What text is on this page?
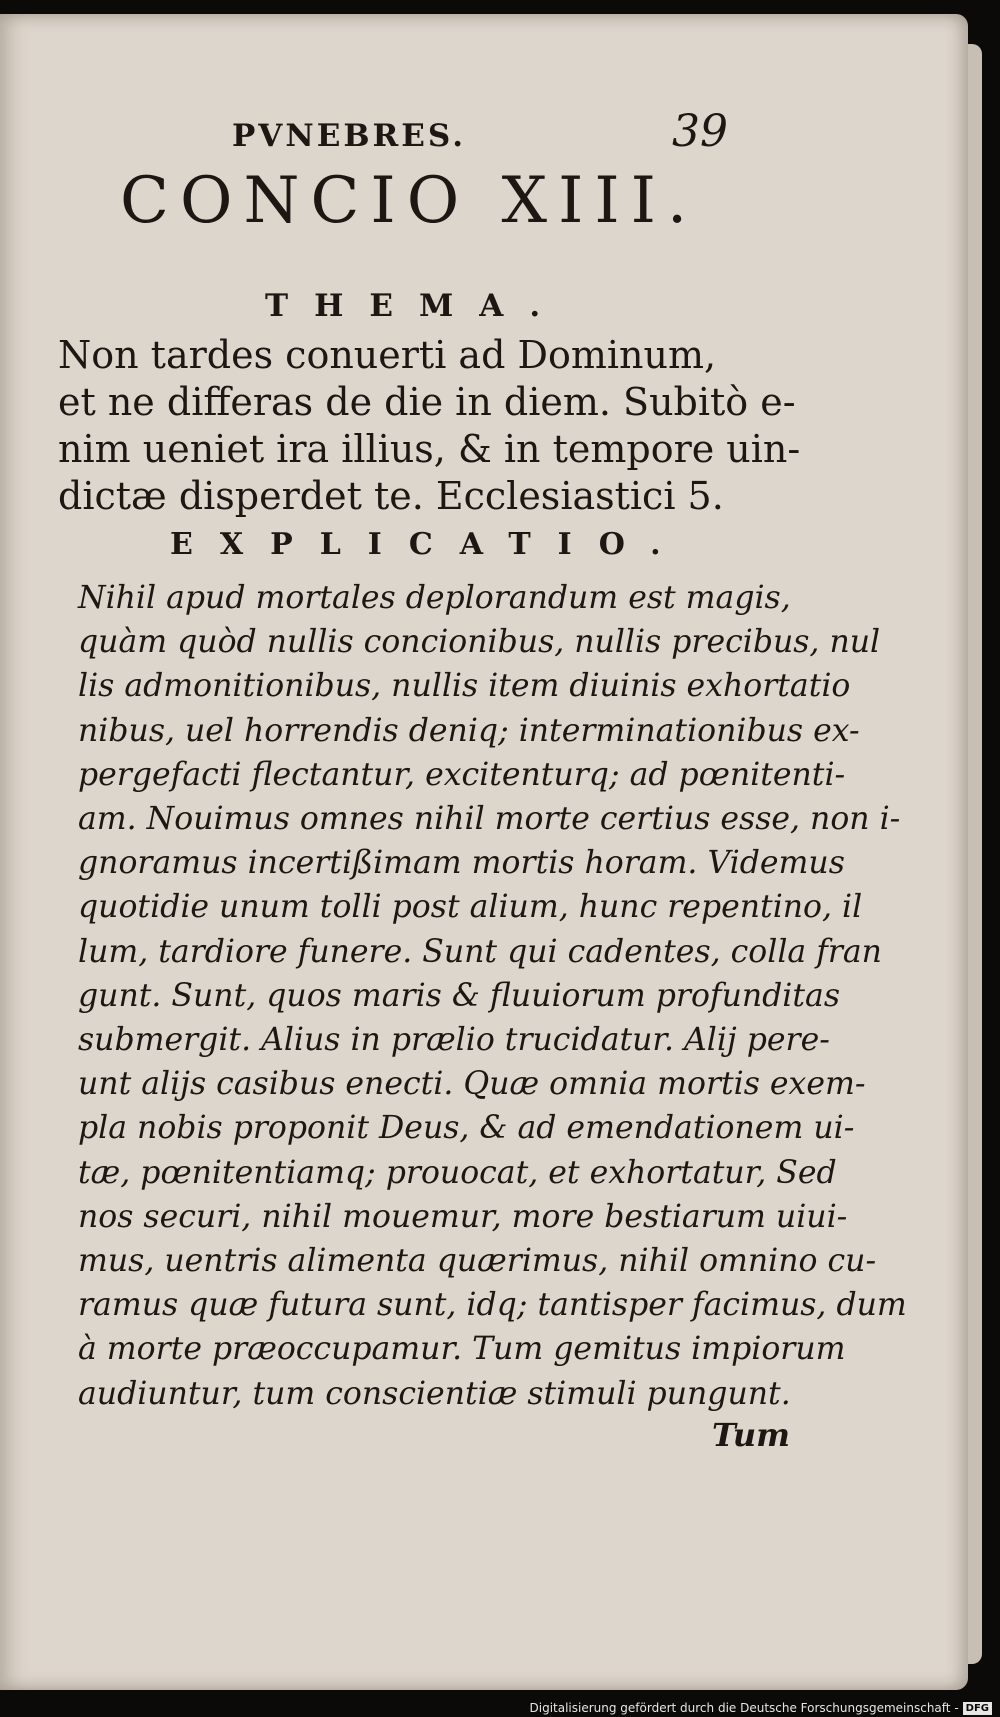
PVNEBRES.	39
CONCIO XIII.
THEMA.
Non tardes conuerti ad Dominum,
et ne differas de die in diem. Subitò e-
nim ueniet ira illius, & in tempore uin-
dictæ disperdet te. Ecclesiastici 5.
EXPLICATIO.
Nihil apud mortales deplorandum est magis,
quàm quòd nullis concionibus, nullis precibus, nul
lis admonitionibus, nullis item diuinis exhortatio
nibus, uel horrendis deniq; interminationibus ex-
pergefacti flectantur, excitenturq; ad pœnitenti-
am. Nouimus omnes nihil morte certius esse, non i-
gnoramus incertißimam mortis horam. Videmus
quotidie unum tolli post alium, hunc repentino, il
lum, tardiore funere. Sunt qui cadentes, colla fran
gunt. Sunt, quos maris & fluuiorum profunditas
submergit. Alius in prælio trucidatur. Alij pere-
unt alijs casibus enecti. Quæ omnia mortis exem-
pla nobis proponit Deus, & ad emendationem ui-
tæ, pœnitentiamq; prouocat, et exhortatur, Sed
nos securi, nihil mouemur, more bestiarum uiui-
mus, uentris alimenta quærimus, nihil omnino cu-
ramus quæ futura sunt, idq; tantisper facimus, dum
à morte præoccupamur. Tum gemitus impiorum
audiuntur, tum conscientiæ stimuli pungunt.
Tum
Digitalisierung gefördert durch die Deutsche Forschungsgemeinschaft - DFG
